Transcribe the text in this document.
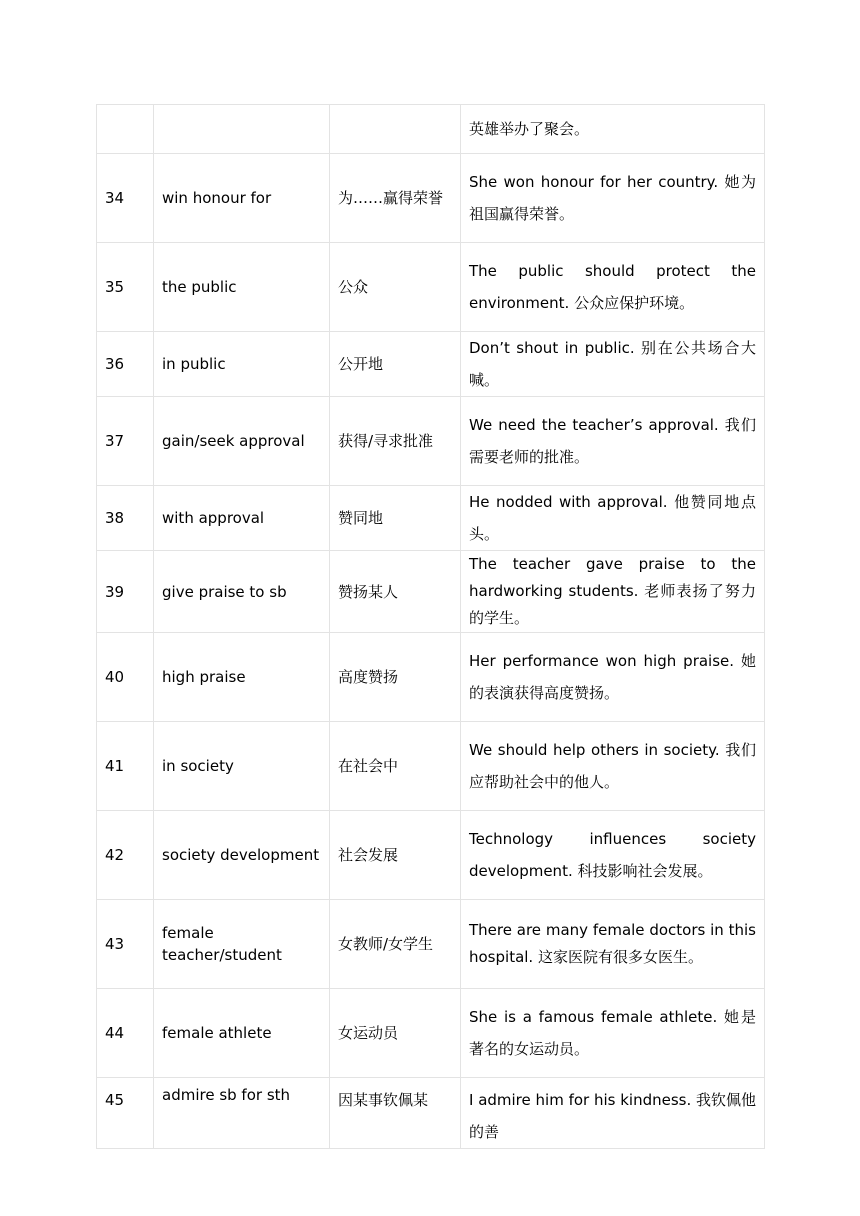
			英雄举办了聚会。
34	win honour for	为……赢得荣誉	She won honour for her country. 她为祖国赢得荣誉。
35	the public	公众	The public should protect the environment. 公众应保护环境。
36	in public	公开地	Don’t shout in public. 别在公共场合大喊。
37	gain/seek approval	获得/寻求批准	We need the teacher’s approval. 我们需要老师的批准。
38	with approval	赞同地	He nodded with approval. 他赞同地点头。
39	give praise to sb	赞扬某人	The teacher gave praise to the hardworking students. 老师表扬了努力的学生。
40	high praise	高度赞扬	Her performance won high praise. 她的表演获得高度赞扬。
41	in society	在社会中	We should help others in society. 我们应帮助社会中的他人。
42	society development	社会发展	Technology influences society development. 科技影响社会发展。
43	female teacher/student	女教师/女学生	There are many female doctors in this hospital. 这家医院有很多女医生。
44	female athlete	女运动员	She is a famous female athlete. 她是著名的女运动员。
45	admire sb for sth	因某事钦佩某	I admire him for his kindness. 我钦佩他的善
